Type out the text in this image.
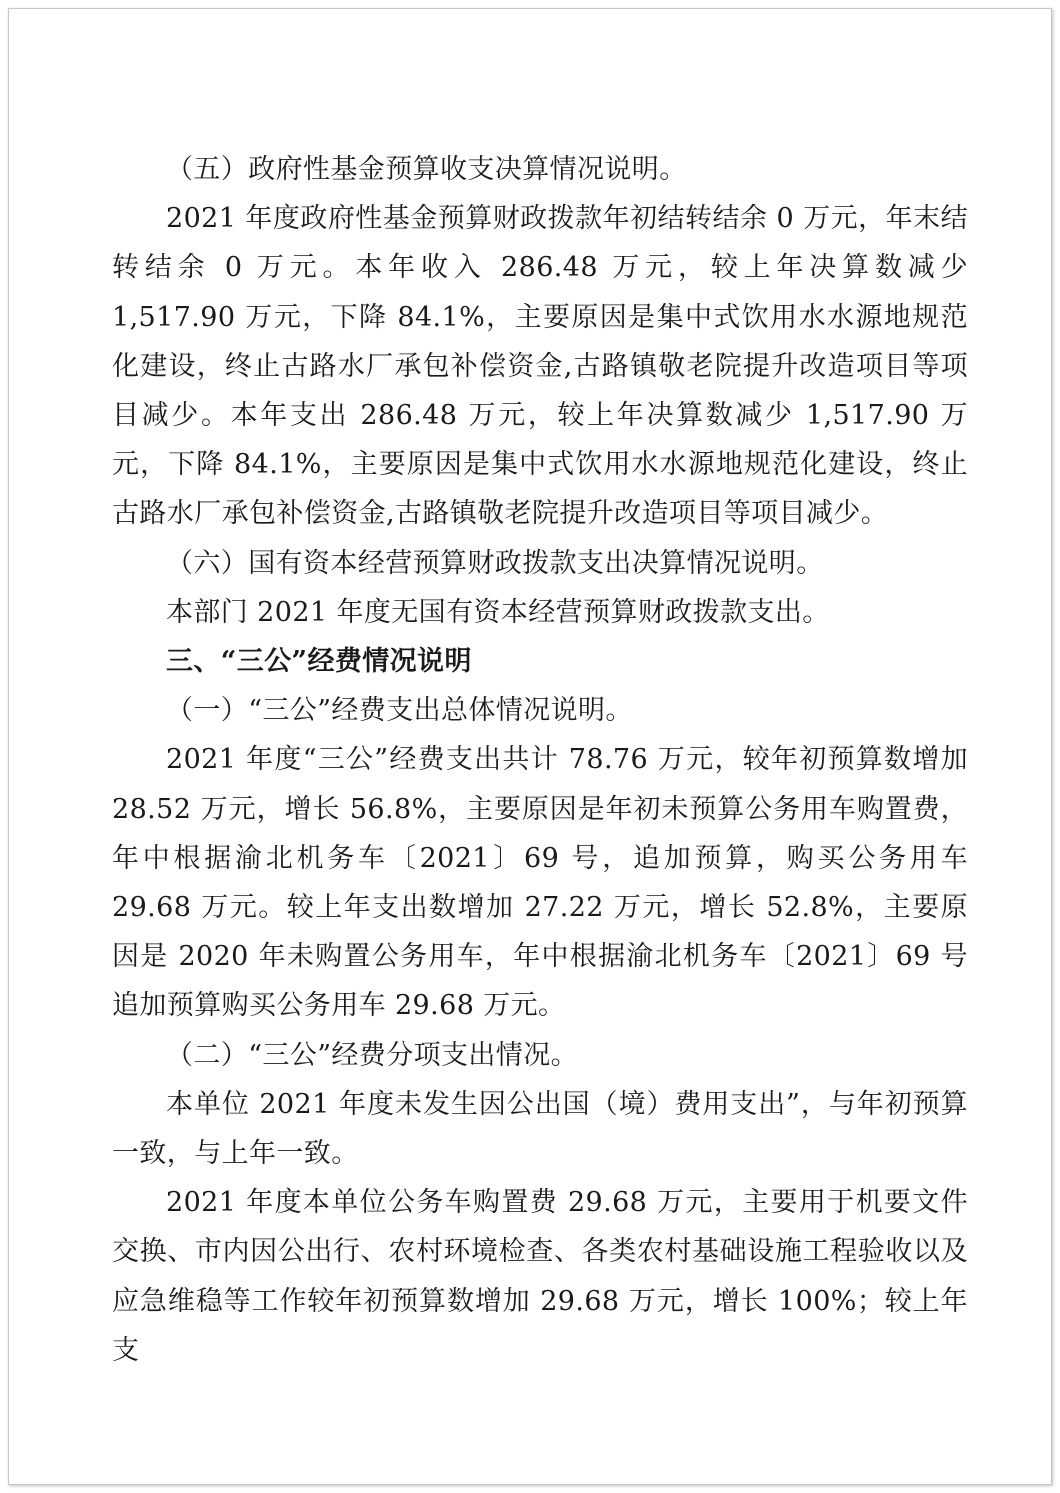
（五）政府性基金预算收支决算情况说明。

2021 年度政府性基金预算财政拨款年初结转结余 0 万元，年末结转结余 0 万元。本年收入 286.48 万元，较上年决算数减少 1,517.90 万元，下降 84.1%，主要原因是集中式饮用水水源地规范化建设，终止古路水厂承包补偿资金,古路镇敬老院提升改造项目等项目减少。本年支出 286.48 万元，较上年决算数减少 1,517.90 万元，下降 84.1%，主要原因是集中式饮用水水源地规范化建设，终止古路水厂承包补偿资金,古路镇敬老院提升改造项目等项目减少。

（六）国有资本经营预算财政拨款支出决算情况说明。

本部门 2021 年度无国有资本经营预算财政拨款支出。

三、“三公”经费情况说明

（一）“三公”经费支出总体情况说明。

2021 年度“三公”经费支出共计 78.76 万元，较年初预算数增加 28.52 万元，增长 56.8%，主要原因是年初未预算公务用车购置费，年中根据渝北机务车〔2021〕69 号，追加预算，购买公务用车 29.68 万元。较上年支出数增加 27.22 万元，增长 52.8%，主要原因是 2020 年未购置公务用车，年中根据渝北机务车〔2021〕69 号追加预算购买公务用车 29.68 万元。

（二）“三公”经费分项支出情况。

本单位 2021 年度未发生因公出国（境）费用支出”，与年初预算一致，与上年一致。

2021 年度本单位公务车购置费 29.68 万元，主要用于机要文件交换、市内因公出行、农村环境检查、各类农村基础设施工程验收以及应急维稳等工作较年初预算数增加 29.68 万元，增长 100%；较上年支
